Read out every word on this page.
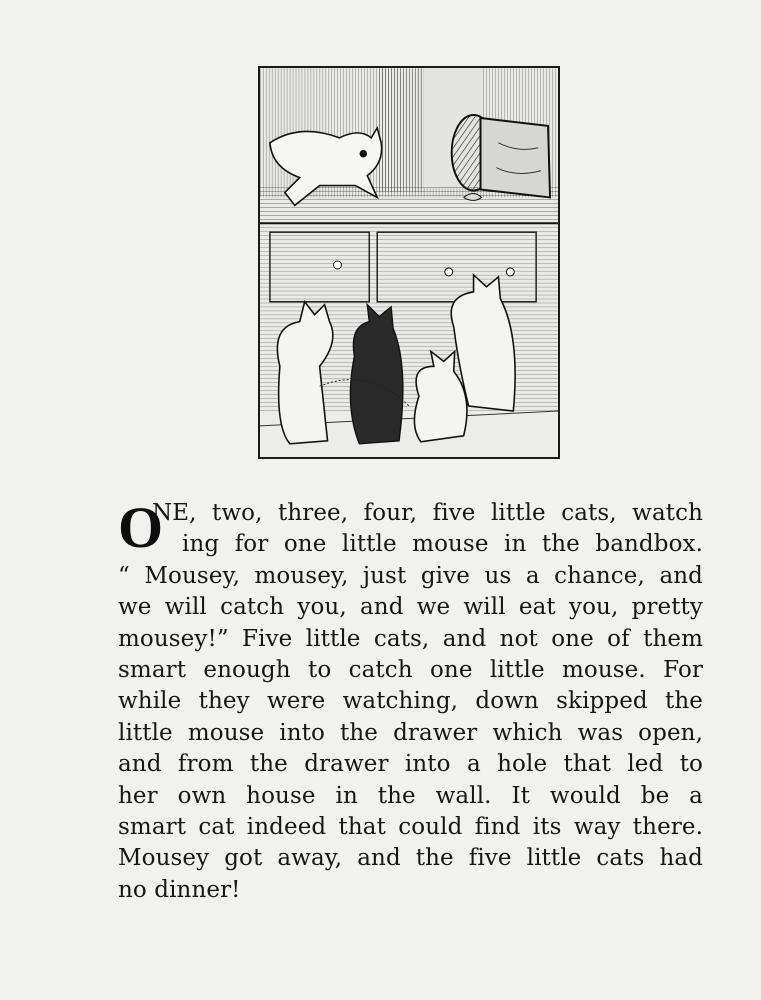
O
NE, two, three, four, five little cats, watch
ing for one little mouse in the bandbox.
“ Mousey, mousey, just give us a chance, and
we will catch you, and we will eat you, pretty
mousey!” Five little cats, and not one of them
smart enough to catch one little mouse. For
while they were watching, down skipped the
little mouse into the drawer which was open,
and from the drawer into a hole that led to
her own house in the wall. It would be a
smart cat indeed that could find its way there.
Mousey got away, and the five little cats had
no dinner!
